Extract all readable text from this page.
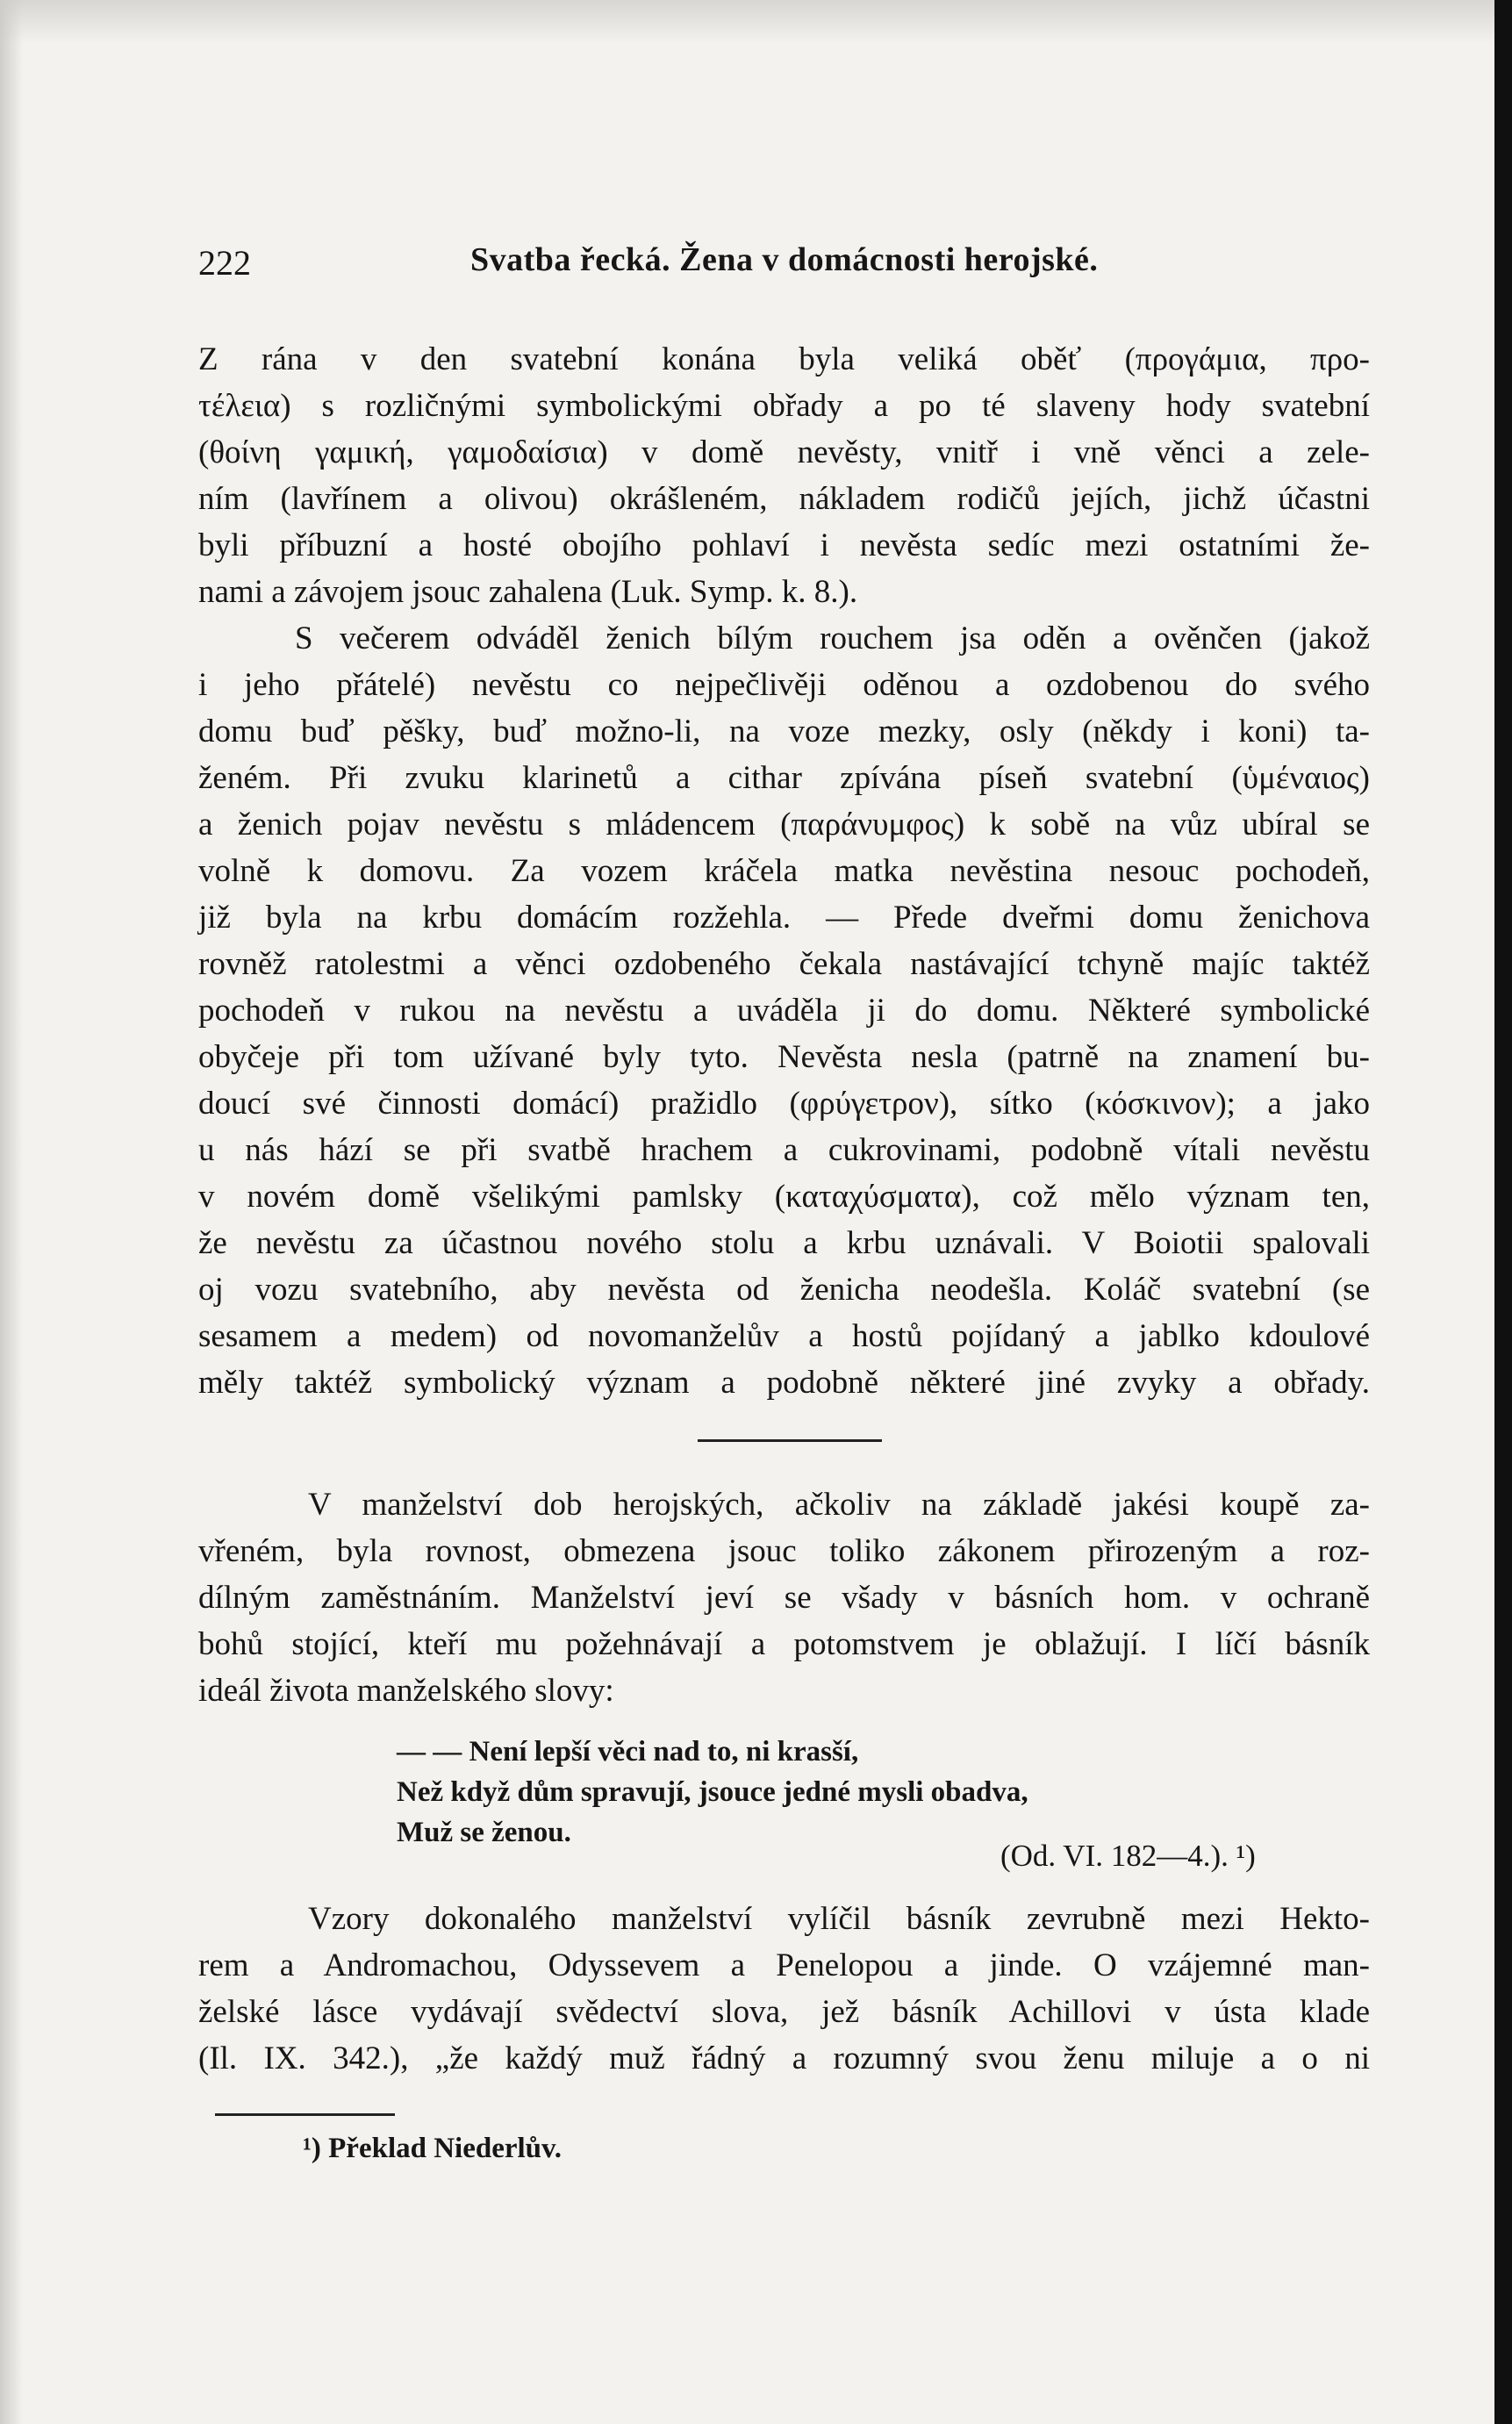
222	Svatba řecká. Žena v domácnosti herojské.
Z rána v den svatební konána byla veliká oběť (προγάμια, προ-
τέλεια) s rozličnými symbolickými obřady a po té slaveny hody svatební
(θοίνη γαμική, γαμοδαίσια) v domě nevěsty, vnitř i vně věnci a zele-
ním (lavřínem a olivou) okrášleném, nákladem rodičů jejích, jichž účastni
byli příbuzní a hosté obojího pohlaví i nevěsta sedíc mezi ostatními že-
nami a závojem jsouc zahalena (Luk. Symp. k. 8.).
S večerem odváděl ženich bílým rouchem jsa oděn a ověnčen (jakož
i jeho přátelé) nevěstu co nejpečlivěji oděnou a ozdobenou do svého
domu buď pěšky, buď možno-li, na voze mezky, osly (někdy i koni) ta-
ženém. Při zvuku klarinetů a cithar zpívána píseň svatební (ὑμέναιος)
a ženich pojav nevěstu s mládencem (παράνυμφος) k sobě na vůz ubíral se
volně k domovu. Za vozem kráčela matka nevěstina nesouc pochodeň,
již byla na krbu domácím rozžehla. — Přede dveřmi domu ženichova
rovněž ratolestmi a věnci ozdobeného čekala nastávající tchyně majíc taktéž
pochodeň v rukou na nevěstu a uváděla ji do domu. Některé symbolické
obyčeje při tom užívané byly tyto. Nevěsta nesla (patrně na znamení bu-
doucí své činnosti domácí) pražidlo (φρύγετρον), sítko (κόσκινον); a jako
u nás hází se při svatbě hrachem a cukrovinami, podobně vítali nevěstu
v novém domě všelikými pamlsky (καταχύσματα), což mělo význam ten,
že nevěstu za účastnou nového stolu a krbu uznávali. V Boiotii spalovali
oj vozu svatebního, aby nevěsta od ženicha neodešla. Koláč svatební (se
sesamem a medem) od novomanželův a hostů pojídaný a jablko kdoulové
měly taktéž symbolický význam a podobně některé jiné zvyky a obřady.
V manželství dob herojských, ačkoliv na základě jakési koupě za-
vřeném, byla rovnost, obmezena jsouc toliko zákonem přirozeným a roz-
dílným zaměstnáním. Manželství jeví se všady v básních hom. v ochraně
bohů stojící, kteří mu požehnávají a potomstvem je oblažují. I líčí básník
ideál života manželského slovy:
— — Není lepší věci nad to, ni krasší,
Než když dům spravují, jsouce jedné mysli obadva,
Muž se ženou.
(Od. VI. 182—4.). ¹)
Vzory dokonalého manželství vylíčil básník zevrubně mezi Hekto-
rem a Andromachou, Odyssevem a Penelopou a jinde. O vzájemné man-
želské lásce vydávají svědectví slova, jež básník Achillovi v ústa klade
(Il. IX. 342.), „že každý muž řádný a rozumný svou ženu miluje a o ni
¹) Překlad Niederlův.
